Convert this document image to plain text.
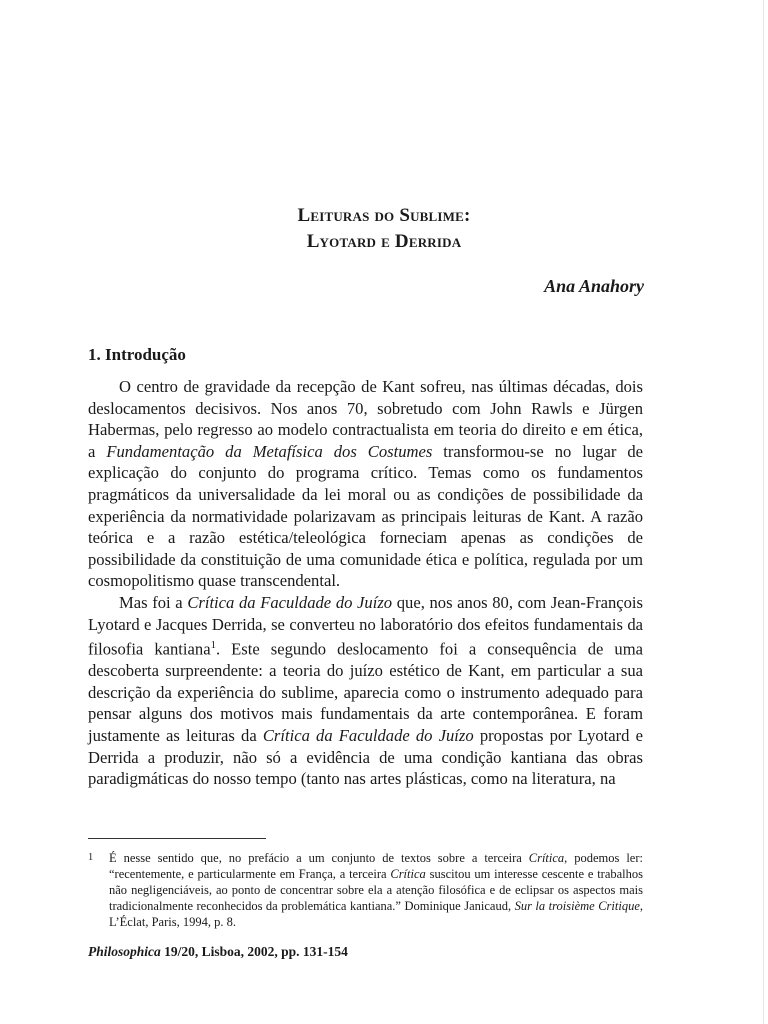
Leituras do Sublime:
Lyotard e Derrida
Ana Anahory
1. Introdução

O centro de gravidade da recepção de Kant sofreu, nas últimas décadas, dois deslocamentos decisivos. Nos anos 70, sobretudo com John Rawls e Jürgen Habermas, pelo regresso ao modelo contractualista em teoria do direito e em ética, a Fundamentação da Metafísica dos Costumes transformou-se no lugar de explicação do conjunto do programa crítico. Temas como os fundamentos pragmáticos da universalidade da lei moral ou as condições de possibilidade da experiência da normatividade polarizavam as principais leituras de Kant. A razão teórica e a razão estética/teleológica forneciam apenas as condições de possibilidade da constituição de uma comunidade ética e política, regulada por um cosmopolitismo quase transcendental.

Mas foi a Crítica da Faculdade do Juízo que, nos anos 80, com Jean-François Lyotard e Jacques Derrida, se converteu no laboratório dos efeitos fundamentais da filosofia kantiana$^1$. Este segundo deslocamento foi a consequência de uma descoberta surpreendente: a teoria do juízo estético de Kant, em particular a sua descrição da experiência do sublime, aparecia como o instrumento adequado para pensar alguns dos motivos mais fundamentais da arte contemporânea. E foram justamente as leituras da Crítica da Faculdade do Juízo propostas por Lyotard e Derrida a produzir, não só a evidência de uma condição kantiana das obras paradigmáticas do nosso tempo (tanto nas artes plásticas, como na literatura, na

1 É nesse sentido que, no prefácio a um conjunto de textos sobre a terceira Crítica, podemos ler: “recentemente, e particularmente em França, a terceira Crítica suscitou um interesse cescente e trabalhos não negligenciáveis, ao ponto de concentrar sobre ela a atenção filosófica e de eclipsar os aspectos mais tradicionalmente reconhecidos da problemática kantiana.” Dominique Janicaud, Sur la troisième Critique, L’Éclat, Paris, 1994, p. 8.
Philosophica 19/20, Lisboa, 2002, pp. 131-154
